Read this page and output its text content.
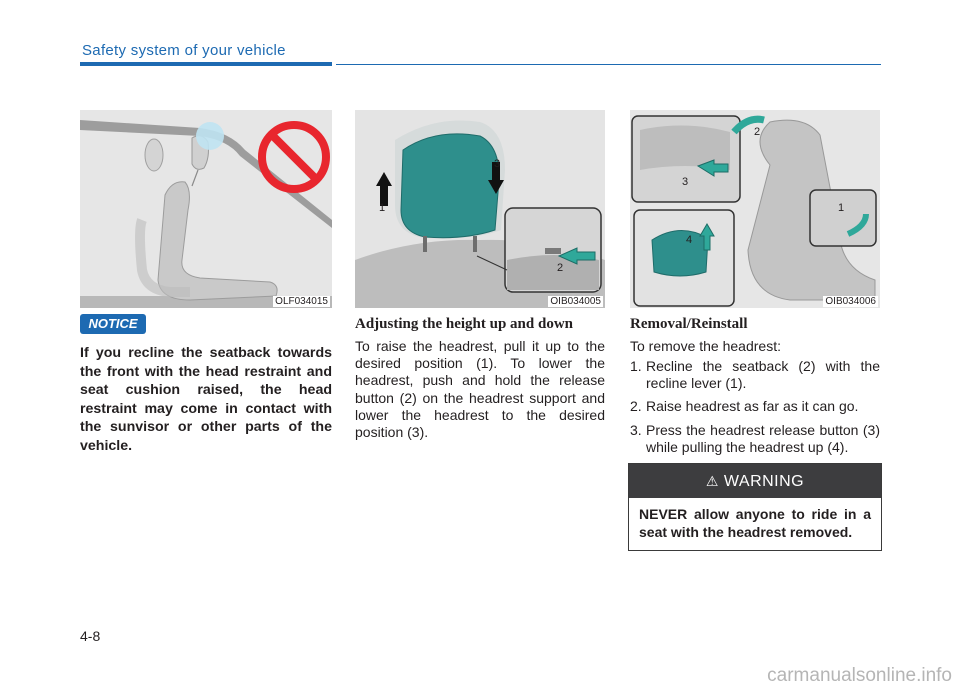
Safety system of your vehicle
OLF034015
1
3
2
OIB034005
2
3
4
1
OIB034006
NOTICE
If you recline the seatback towards the front with the head restraint and seat cushion raised, the head restraint may come in contact with the sunvisor or other parts of the vehicle.
Adjusting the height up and down
To raise the headrest, pull it up to the desired position (1). To lower the headrest, push and hold the release button (2) on the headrest support and lower the headrest to the desired position (3).
Removal/Reinstall
To remove the headrest:
1. Recline the seatback (2) with the recline lever (1).
2. Raise headrest as far as it can go.
3. Press the headrest release button (3) while pulling the headrest up (4).
⚠ WARNING
NEVER allow anyone to ride in a seat with the headrest removed.
4-8
carmanualsonline.info
